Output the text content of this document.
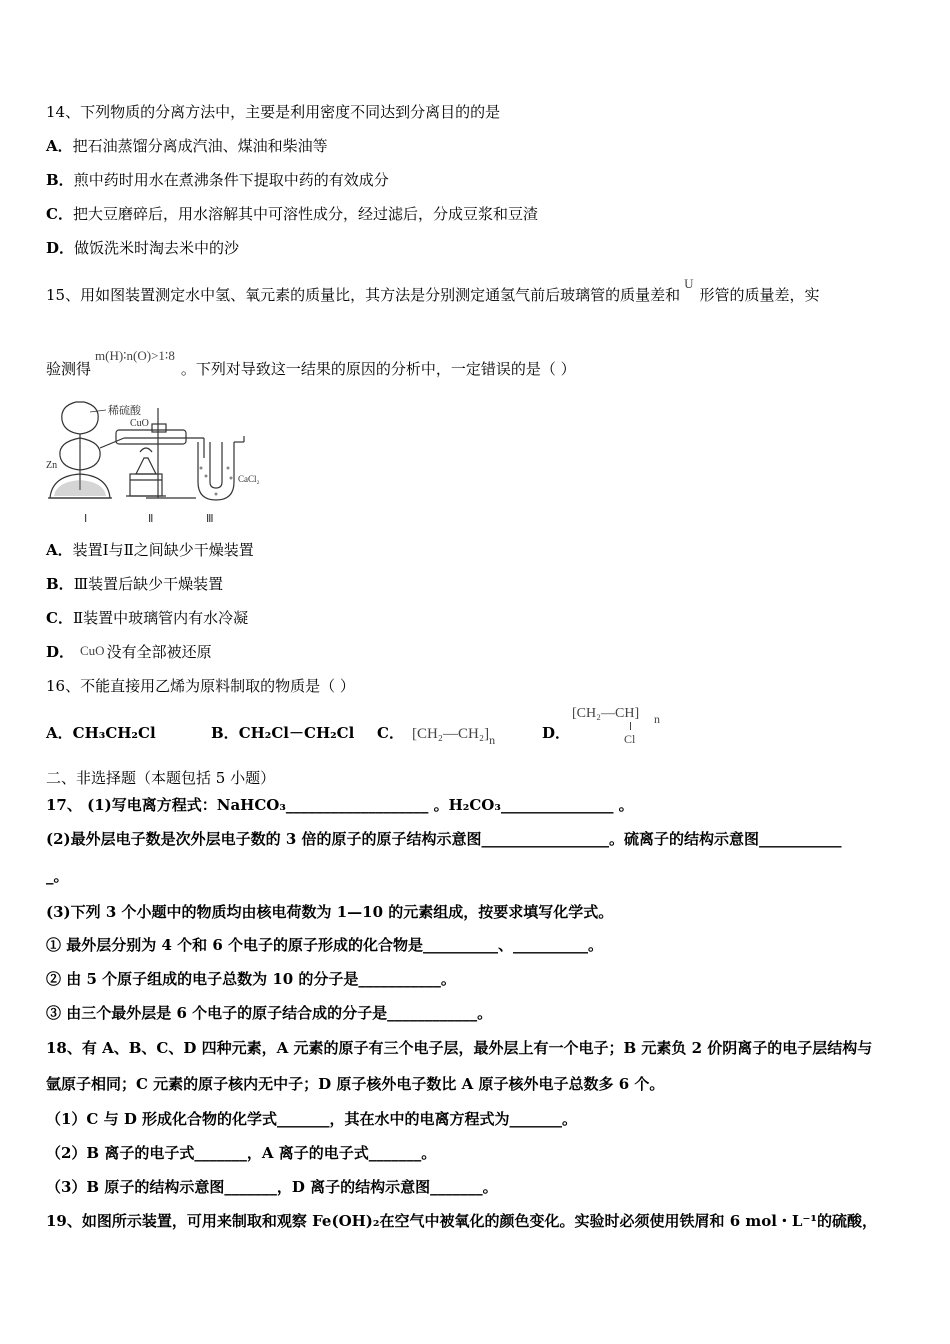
14、下列物质的分离方法中，主要是利用密度不同达到分离目的的是
A．把石油蒸馏分离成汽油、煤油和柴油等
B．煎中药时用水在煮沸条件下提取中药的有效成分
C．把大豆磨碎后，用水溶解其中可溶性成分，经过滤后，分成豆浆和豆渣
D．做饭洗米时淘去米中的沙
15、用如图装置测定水中氢、氧元素的质量比，其方法是分别测定通氢气前后玻璃管的质量差和U形管的质量差，实
验测得m(H)∶n(O)>1∶8。下列对导致这一结果的原因的分析中，一定错误的是（ ）
稀硫酸
CuO
Zn
CaCl₂
Ⅰ	Ⅱ	Ⅲ
A．装置Ⅰ与Ⅱ之间缺少干燥装置
B．Ⅲ装置后缺少干燥装置
C．Ⅱ装置中玻璃管内有水冷凝
D． CuO 没有全部被还原
16、不能直接用乙烯为原料制取的物质是（ ）
A．CH₃CH₂Cl	B．CH₂Cl－CH₂Cl C． $[CH_2—CH_2]_n$	D．
[CH₂—CH] n
Cl
二、非选择题（本题包括 5 小题）
17、 (1)写电离方程式：NaHCO₃___________________ 。H₂CO₃_______________ 。
(2)最外层电子数是次外层电子数的 3 倍的原子的原子结构示意图_________________。硫离子的结构示意图___________
_。
(3)下列 3 个小题中的物质均由核电荷数为 1—10 的元素组成，按要求填写化学式。
① 最外层分别为 4 个和 6 个电子的原子形成的化合物是__________、__________。
② 由 5 个原子组成的电子总数为 10 的分子是___________。
③ 由三个最外层是 6 个电子的原子结合成的分子是____________。
18、有 A、B、C、D 四种元素，A 元素的原子有三个电子层，最外层上有一个电子；B 元素负 2 价阴离子的电子层结构与
氩原子相同；C 元素的原子核内无中子；D 原子核外电子数比 A 原子核外电子总数多 6 个。
（1）C 与 D 形成化合物的化学式_______，其在水中的电离方程式为_______。
（2）B 离子的电子式_______，A 离子的电子式_______。
（3）B 原子的结构示意图_______，D 离子的结构示意图_______。
19、如图所示装置，可用来制取和观察 Fe(OH)₂在空气中被氧化的颜色变化。实验时必须使用铁屑和 6 mol・L⁻¹的硫酸，
